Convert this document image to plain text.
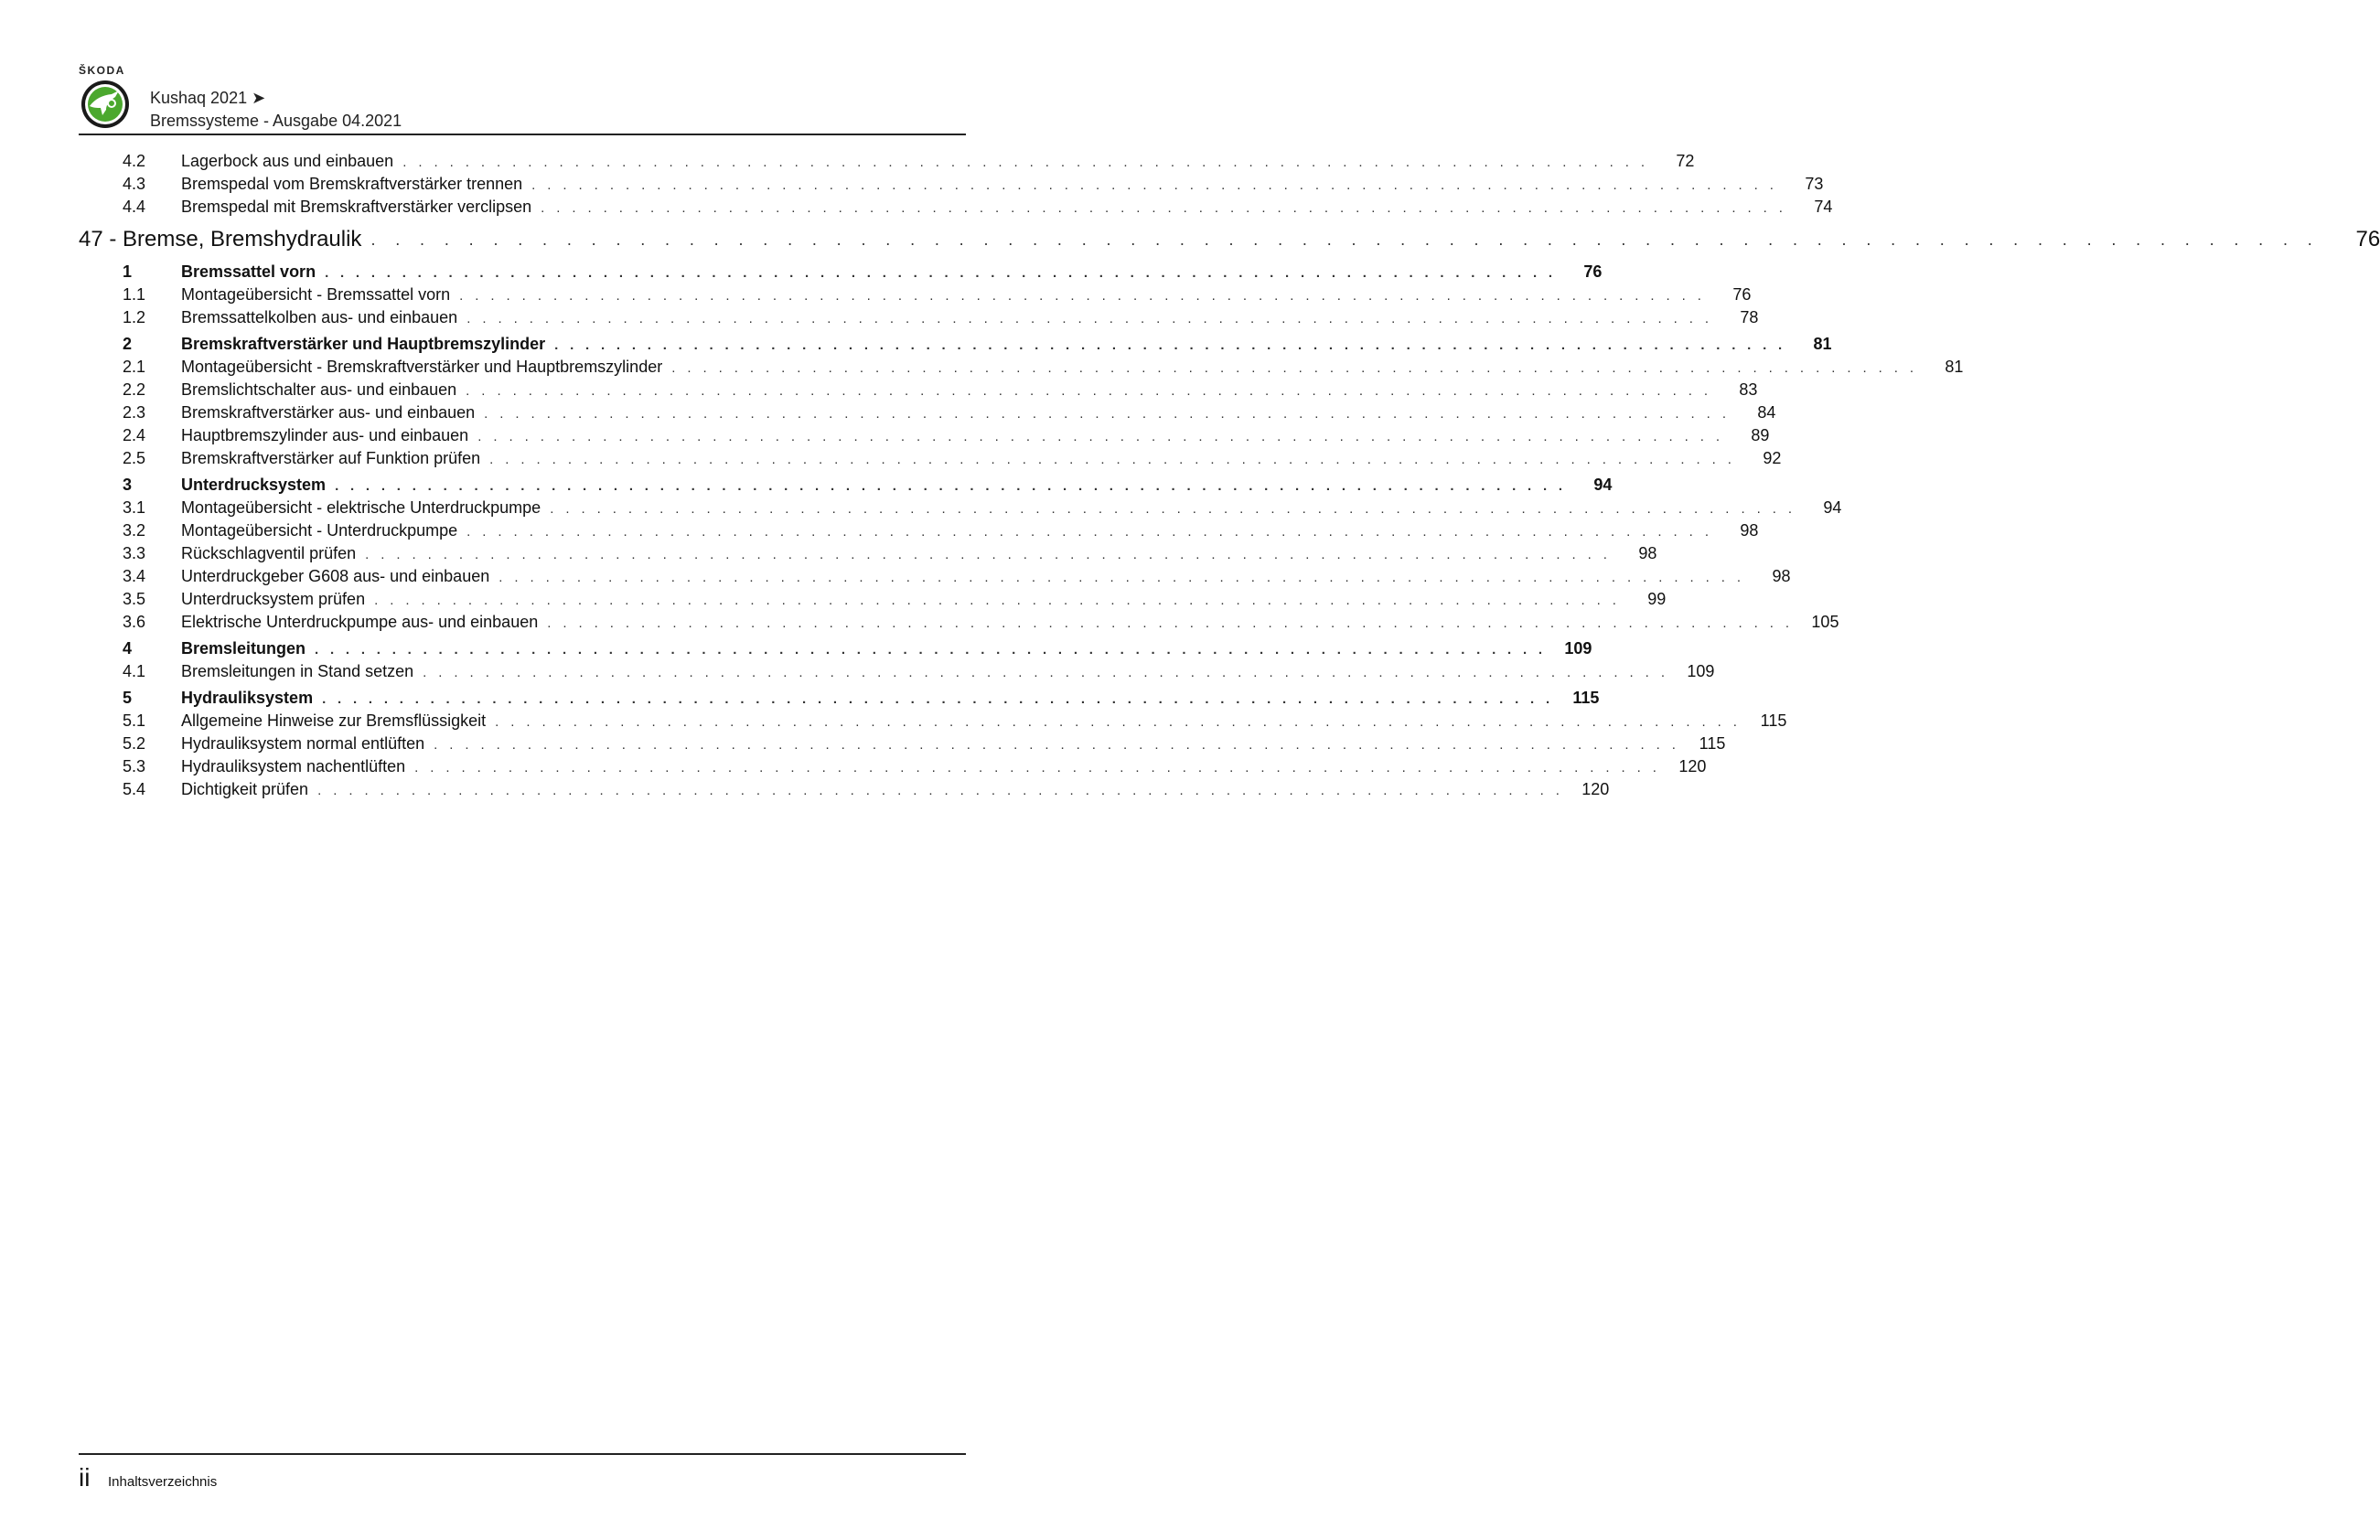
ŠKODA
Kushaq 2021 ➤
Bremssysteme - Ausgabe 04.2021
4.2	Lagerbock aus und einbauen . . . . . . . . . . . . . . . . . . . . . . . . . . . . . . . . . . . . . . . . . . . . . . . . . . . . . . . . . . . . . . . . . . . . . . . . . . . . . . . .	72
4.3	Bremspedal vom Bremskraftverstärker trennen . . . . . . . . . . . . . . . . . . . . . . . . . . . . . . . . . . . . . . . . . . . . . . . . . . . . . . . . . . . . . . . . . . . . . . . . . . . . . . . .	73
4.4	Bremspedal mit Bremskraftverstärker verclipsen . . . . . . . . . . . . . . . . . . . . . . . . . . . . . . . . . . . . . . . . . . . . . . . . . . . . . . . . . . . . . . . . . . . . . . . . . . . . . . . .	74
47 - Bremse, Bremshydraulik . . . . . . . . . . . . . . . . . . . . . . . . . . . . . . . . . . . . . . . . . . . . . . . . . . . . . . . . . . . . . . . . . . . . . . . . . . . . . . . .	76
1	Bremssattel vorn . . . . . . . . . . . . . . . . . . . . . . . . . . . . . . . . . . . . . . . . . . . . . . . . . . . . . . . . . . . . . . . . . . . . . . . . . . . . . . . .	76
1.1	Montageübersicht - Bremssattel vorn . . . . . . . . . . . . . . . . . . . . . . . . . . . . . . . . . . . . . . . . . . . . . . . . . . . . . . . . . . . . . . . . . . . . . . . . . . . . . . . .	76
1.2	Bremssattelkolben aus- und einbauen . . . . . . . . . . . . . . . . . . . . . . . . . . . . . . . . . . . . . . . . . . . . . . . . . . . . . . . . . . . . . . . . . . . . . . . . . . . . . . . .	78
2	Bremskraftverstärker und Hauptbremszylinder . . . . . . . . . . . . . . . . . . . . . . . . . . . . . . . . . . . . . . . . . . . . . . . . . . . . . . . . . . . . . . . . . . . . . . . . . . . . . . . .	81
2.1	Montageübersicht - Bremskraftverstärker und Hauptbremszylinder . . . . . . . . . . . . . . . . . . . . . . . . . . . . . . . . . . . . . . . . . . . . . . . . . . . . . . . . . . . . . . . . . . . . . . . . . . . . . . . .	81
2.2	Bremslichtschalter aus- und einbauen . . . . . . . . . . . . . . . . . . . . . . . . . . . . . . . . . . . . . . . . . . . . . . . . . . . . . . . . . . . . . . . . . . . . . . . . . . . . . . . .	83
2.3	Bremskraftverstärker aus- und einbauen . . . . . . . . . . . . . . . . . . . . . . . . . . . . . . . . . . . . . . . . . . . . . . . . . . . . . . . . . . . . . . . . . . . . . . . . . . . . . . . .	84
2.4	Hauptbremszylinder aus- und einbauen . . . . . . . . . . . . . . . . . . . . . . . . . . . . . . . . . . . . . . . . . . . . . . . . . . . . . . . . . . . . . . . . . . . . . . . . . . . . . . . .	89
2.5	Bremskraftverstärker auf Funktion prüfen . . . . . . . . . . . . . . . . . . . . . . . . . . . . . . . . . . . . . . . . . . . . . . . . . . . . . . . . . . . . . . . . . . . . . . . . . . . . . . . .	92
3	Unterdrucksystem . . . . . . . . . . . . . . . . . . . . . . . . . . . . . . . . . . . . . . . . . . . . . . . . . . . . . . . . . . . . . . . . . . . . . . . . . . . . . . . .	94
3.1	Montageübersicht - elektrische Unterdruckpumpe . . . . . . . . . . . . . . . . . . . . . . . . . . . . . . . . . . . . . . . . . . . . . . . . . . . . . . . . . . . . . . . . . . . . . . . . . . . . . . . .	94
3.2	Montageübersicht - Unterdruckpumpe . . . . . . . . . . . . . . . . . . . . . . . . . . . . . . . . . . . . . . . . . . . . . . . . . . . . . . . . . . . . . . . . . . . . . . . . . . . . . . . .	98
3.3	Rückschlagventil prüfen . . . . . . . . . . . . . . . . . . . . . . . . . . . . . . . . . . . . . . . . . . . . . . . . . . . . . . . . . . . . . . . . . . . . . . . . . . . . . . . .	98
3.4	Unterdruckgeber G608 aus- und einbauen . . . . . . . . . . . . . . . . . . . . . . . . . . . . . . . . . . . . . . . . . . . . . . . . . . . . . . . . . . . . . . . . . . . . . . . . . . . . . . . .	98
3.5	Unterdrucksystem prüfen . . . . . . . . . . . . . . . . . . . . . . . . . . . . . . . . . . . . . . . . . . . . . . . . . . . . . . . . . . . . . . . . . . . . . . . . . . . . . . . .	99
3.6	Elektrische Unterdruckpumpe aus- und einbauen . . . . . . . . . . . . . . . . . . . . . . . . . . . . . . . . . . . . . . . . . . . . . . . . . . . . . . . . . . . . . . . . . . . . . . . . . . . . . . . .	105
4	Bremsleitungen . . . . . . . . . . . . . . . . . . . . . . . . . . . . . . . . . . . . . . . . . . . . . . . . . . . . . . . . . . . . . . . . . . . . . . . . . . . . . . . .	109
4.1	Bremsleitungen in Stand setzen . . . . . . . . . . . . . . . . . . . . . . . . . . . . . . . . . . . . . . . . . . . . . . . . . . . . . . . . . . . . . . . . . . . . . . . . . . . . . . . .	109
5	Hydrauliksystem . . . . . . . . . . . . . . . . . . . . . . . . . . . . . . . . . . . . . . . . . . . . . . . . . . . . . . . . . . . . . . . . . . . . . . . . . . . . . . . .	115
5.1	Allgemeine Hinweise zur Bremsflüssigkeit . . . . . . . . . . . . . . . . . . . . . . . . . . . . . . . . . . . . . . . . . . . . . . . . . . . . . . . . . . . . . . . . . . . . . . . . . . . . . . . .	115
5.2	Hydrauliksystem normal entlüften . . . . . . . . . . . . . . . . . . . . . . . . . . . . . . . . . . . . . . . . . . . . . . . . . . . . . . . . . . . . . . . . . . . . . . . . . . . . . . . .	115
5.3	Hydrauliksystem nachentlüften . . . . . . . . . . . . . . . . . . . . . . . . . . . . . . . . . . . . . . . . . . . . . . . . . . . . . . . . . . . . . . . . . . . . . . . . . . . . . . . .	120
5.4	Dichtigkeit prüfen . . . . . . . . . . . . . . . . . . . . . . . . . . . . . . . . . . . . . . . . . . . . . . . . . . . . . . . . . . . . . . . . . . . . . . . . . . . . . . . .	120
ii Inhaltsverzeichnis
